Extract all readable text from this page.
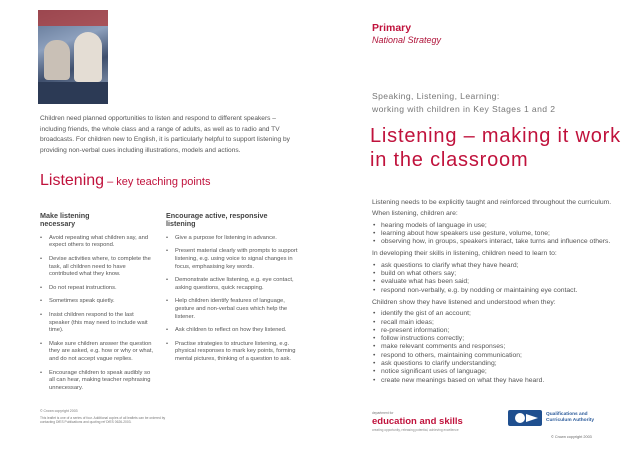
Children need planned opportunities to listen and respond to different speakers – including friends, the whole class and a range of adults, as well as to radio and TV broadcasts. For children new to English, it is particularly helpful to support listening by providing non-verbal cues including illustrations, models and actions.
Listening – key teaching points
Make listening
necessary
• Avoid repeating what children say, and expect others to respond.
• Devise activities where, to complete the task, all children need to have contributed what they know.
• Do not repeat instructions.
• Sometimes speak quietly.
• Insist children respond to the last speaker (this may need to include wait time).
• Make sure children answer the question they are asked, e.g. how or why or what, and do not accept vague replies.
• Encourage children to speak audibly so all can hear, making teacher rephrasing unnecessary.
Encourage active, responsive
listening
• Give a purpose for listening in advance.
• Present material clearly with prompts to support listening, e.g. using voice to signal changes in focus, emphasising key words.
• Demonstrate active listening, e.g. eye contact, asking questions, quick recapping.
• Help children identify features of language, gesture and non-verbal cues which help the listener.
• Ask children to reflect on how they listened.
• Practise strategies to structure listening, e.g. physical responses to mark key points, forming mental pictures, thinking of a question to ask.
© Crown copyright 2003
This leaflet is one of a series of four. Additional copies of all leaflets can be ordered by contacting DfES Publications and quoting ref DfES 0626-2003.
Primary
National Strategy
Speaking, Listening, Learning:
working with children in Key Stages 1 and 2
Listening – making it work
in the classroom

Listening needs to be explicitly taught and reinforced throughout the curriculum.

When listening, children are:

• hearing models of language in use;
• learning about how speakers use gesture, volume, tone;
• observing how, in groups, speakers interact, take turns and influence others.

In developing their skills in listening, children need to learn to:

• ask questions to clarify what they have heard;
• build on what others say;
• evaluate what has been said;
• respond non-verbally, e.g. by nodding or maintaining eye contact.

Children show they have listened and understood when they:

• identify the gist of an account;
• recall main ideas;
• re-present information;
• follow instructions correctly;
• make relevant comments and responses;
• respond to others, maintaining communication;
• ask questions to clarify understanding;
• notice significant uses of language;
• create new meanings based on what they have heard.
department for
education and skills
creating opportunity, releasing potential, achieving excellence
Qualifications and
Curriculum Authority
© Crown copyright 2003
